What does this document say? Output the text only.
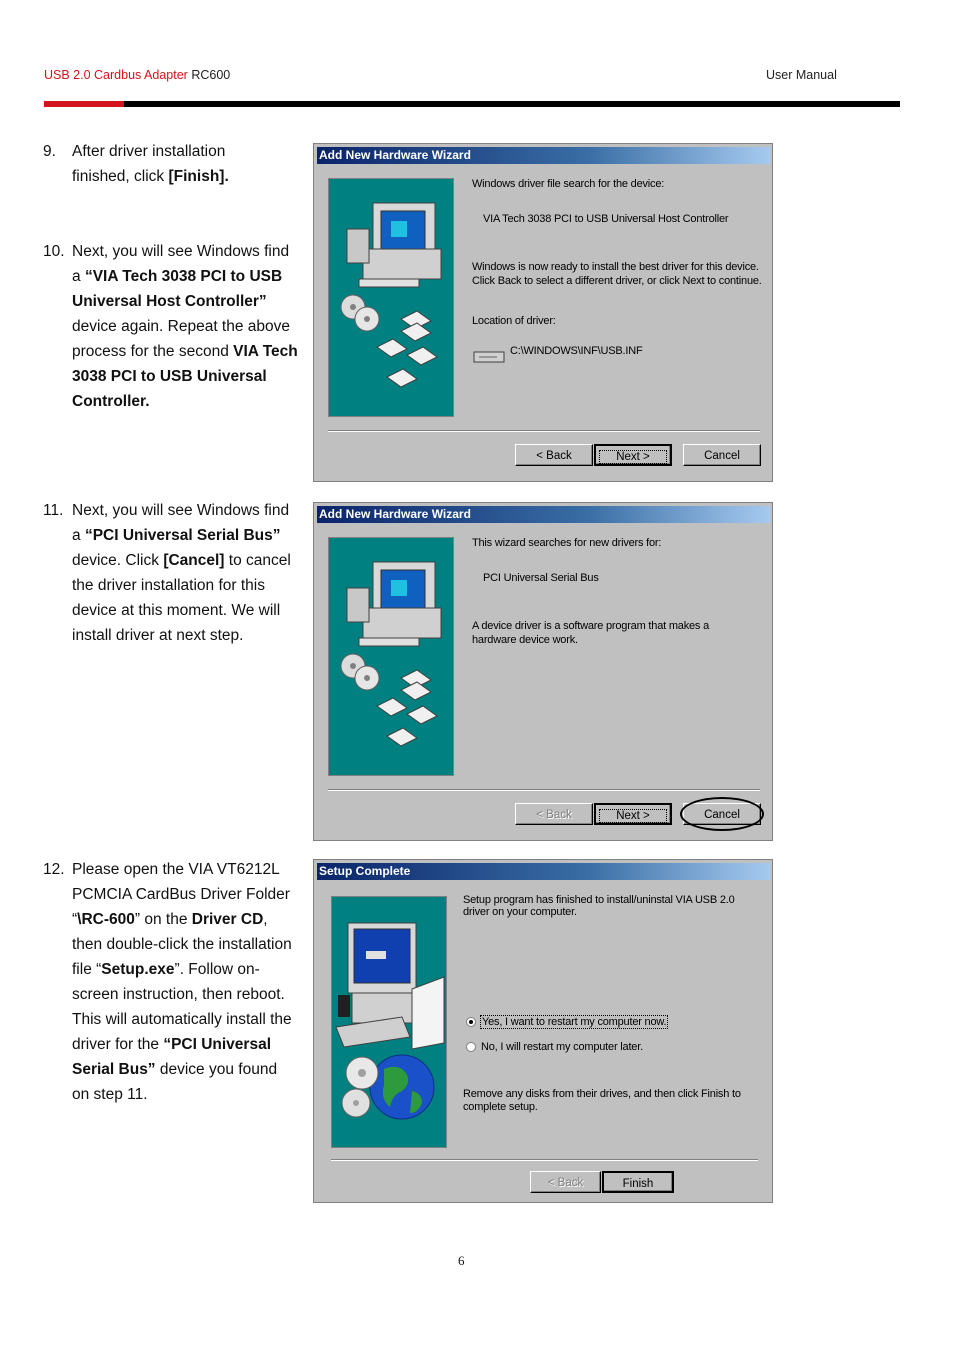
USB 2.0 Cardbus Adapter RC600	User Manual
9. After driver installation finished, click [Finish].
10. Next, you will see Windows find a “VIA Tech 3038 PCI to USB Universal Host Controller” device again. Repeat the above process for the second VIA Tech 3038 PCI to USB Universal Controller.
11. Next, you will see Windows find a “PCI Universal Serial Bus” device. Click [Cancel] to cancel the driver installation for this device at this moment. We will install driver at next step.
12. Please open the VIA VT6212L PCMCIA CardBus Driver Folder “\RC-600” on the Driver CD, then double-click the installation file “Setup.exe”. Follow on-screen instruction, then reboot. This will automatically install the driver for the “PCI Universal Serial Bus” device you found on step 11.
Add New Hardware Wizard
Windows driver file search for the device:
VIA Tech 3038 PCI to USB Universal Host Controller
Windows is now ready to install the best driver for this device. Click Back to select a different driver, or click Next to continue.
Location of driver:
C:\WINDOWS\INF\USB.INF
< Back	Next >	Cancel
Add New Hardware Wizard
This wizard searches for new drivers for:
PCI Universal Serial Bus
A device driver is a software program that makes a hardware device work.
< Back	Next >	Cancel
Setup Complete
Setup program has finished to install/uninstal VIA USB 2.0 driver on your computer.
Yes, I want to restart my computer now.
No, I will restart my computer later.
Remove any disks from their drives, and then click Finish to complete setup.
< Back	Finish
6
